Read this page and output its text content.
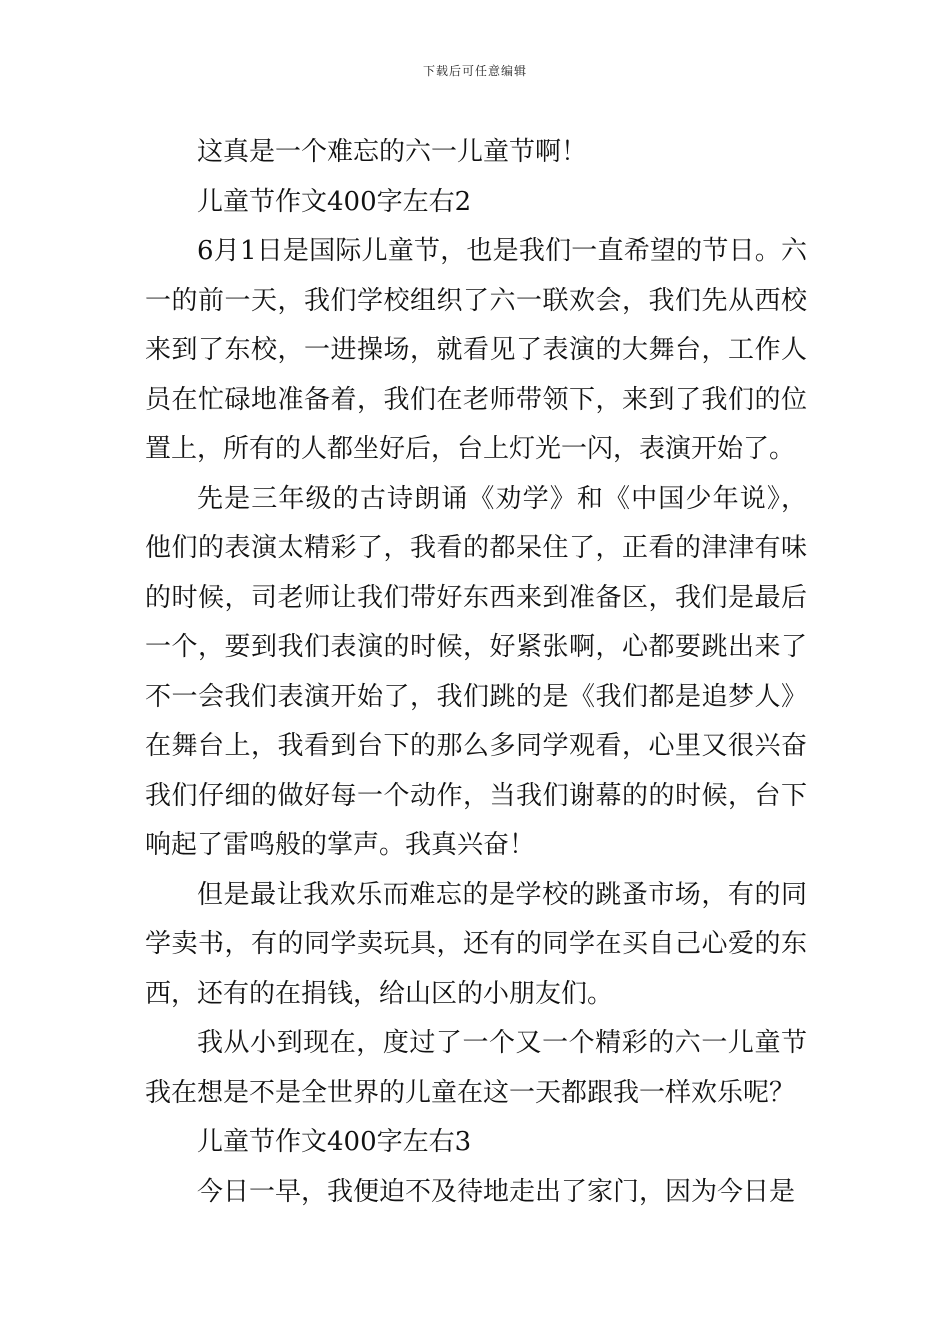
下载后可任意编辑

这真是一个难忘的六一儿童节啊！

儿童节作文400字左右2

6月1日是国际儿童节，也是我们一直希望的节日。六一的前一天，我们学校组织了六一联欢会，我们先从西校来到了东校，一进操场，就看见了表演的大舞台，工作人员在忙碌地准备着，我们在老师带领下，来到了我们的位置上，所有的人都坐好后，台上灯光一闪，表演开始了。

先是三年级的古诗朗诵《劝学》和《中国少年说》，他们的表演太精彩了，我看的都呆住了，正看的津津有味的时候，司老师让我们带好东西来到准备区，我们是最后一个，要到我们表演的时候，好紧张啊，心都要跳出来了不一会我们表演开始了，我们跳的是《我们都是追梦人》在舞台上，我看到台下的那么多同学观看，心里又很兴奋我们仔细的做好每一个动作，当我们谢幕的的时候，台下响起了雷鸣般的掌声。我真兴奋！

但是最让我欢乐而难忘的是学校的跳蚤市场，有的同学卖书，有的同学卖玩具，还有的同学在买自己心爱的东西，还有的在捐钱，给山区的小朋友们。

我从小到现在，度过了一个又一个精彩的六一儿童节我在想是不是全世界的儿童在这一天都跟我一样欢乐呢？

儿童节作文400字左右3

今日一早，我便迫不及待地走出了家门，因为今日是
